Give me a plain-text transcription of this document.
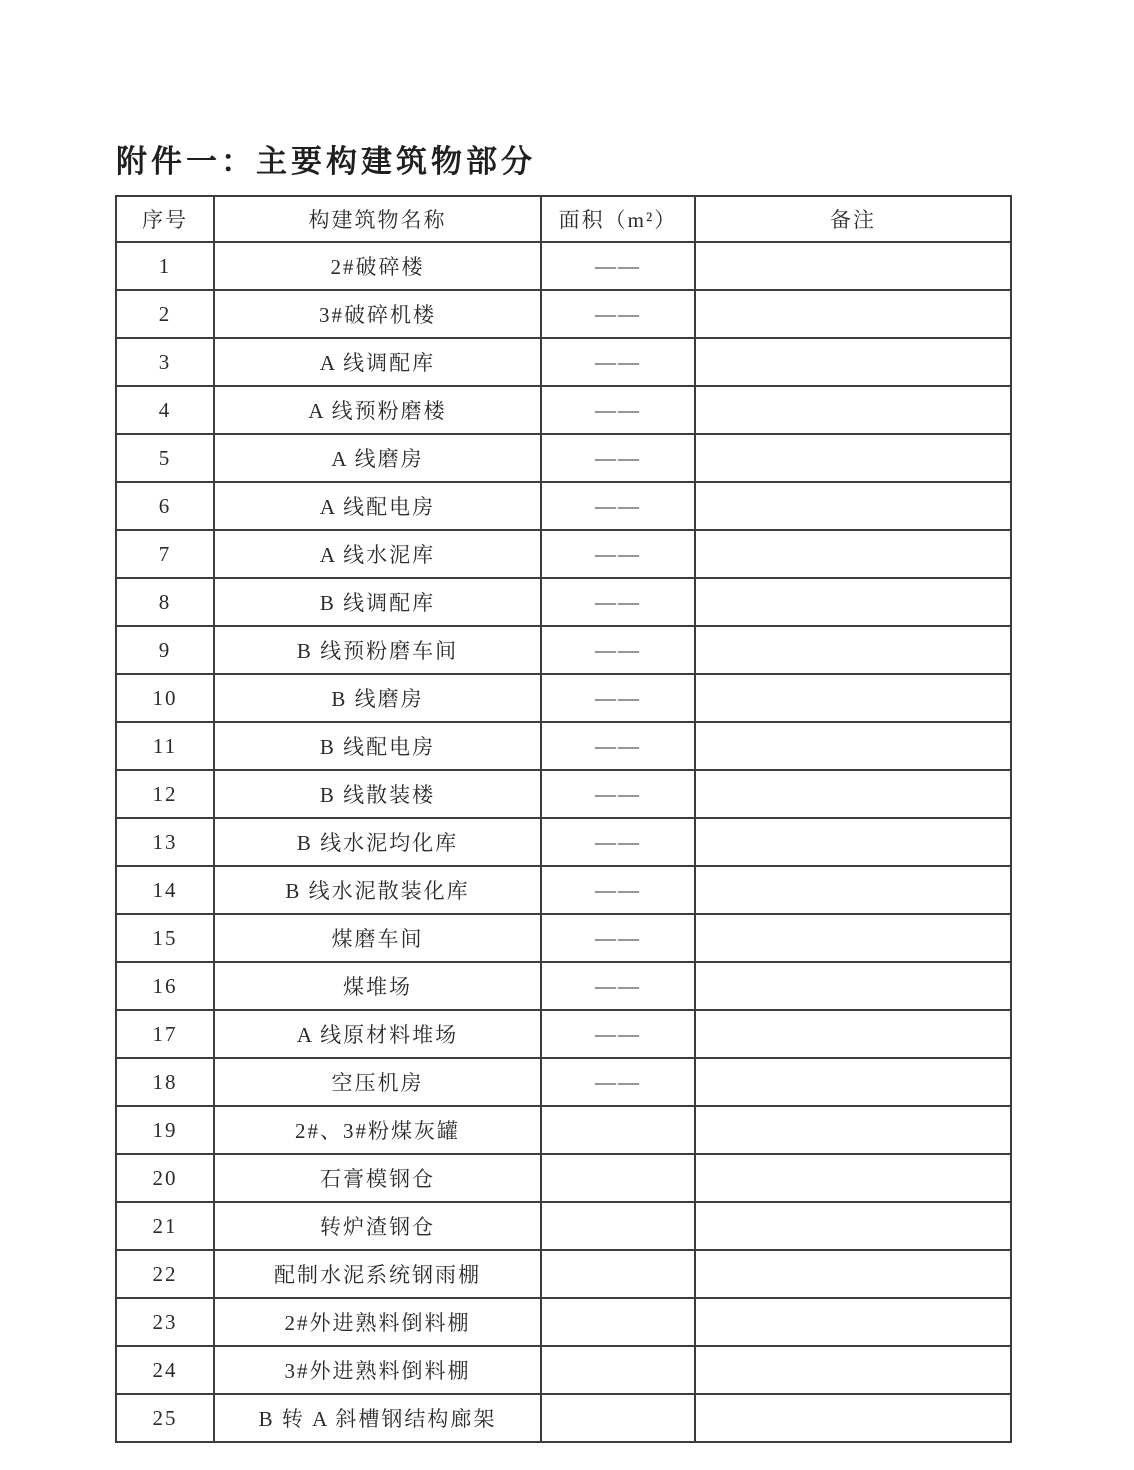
附件一：主要构建筑物部分
序号	构建筑物名称	面积（m²）	备注
1	2#破碎楼	——	
2	3#破碎机楼	——	
3	A 线调配库	——	
4	A 线预粉磨楼	——	
5	A 线磨房	——	
6	A 线配电房	——	
7	A 线水泥库	——	
8	B 线调配库	——	
9	B 线预粉磨车间	——	
10	B 线磨房	——	
11	B 线配电房	——	
12	B 线散装楼	——	
13	B 线水泥均化库	——	
14	B 线水泥散装化库	——	
15	煤磨车间	——	
16	煤堆场	——	
17	A 线原材料堆场	——	
18	空压机房	——	
19	2#、3#粉煤灰罐		
20	石膏模钢仓		
21	转炉渣钢仓		
22	配制水泥系统钢雨棚		
23	2#外进熟料倒料棚		
24	3#外进熟料倒料棚		
25	B 转 A 斜槽钢结构廊架		
